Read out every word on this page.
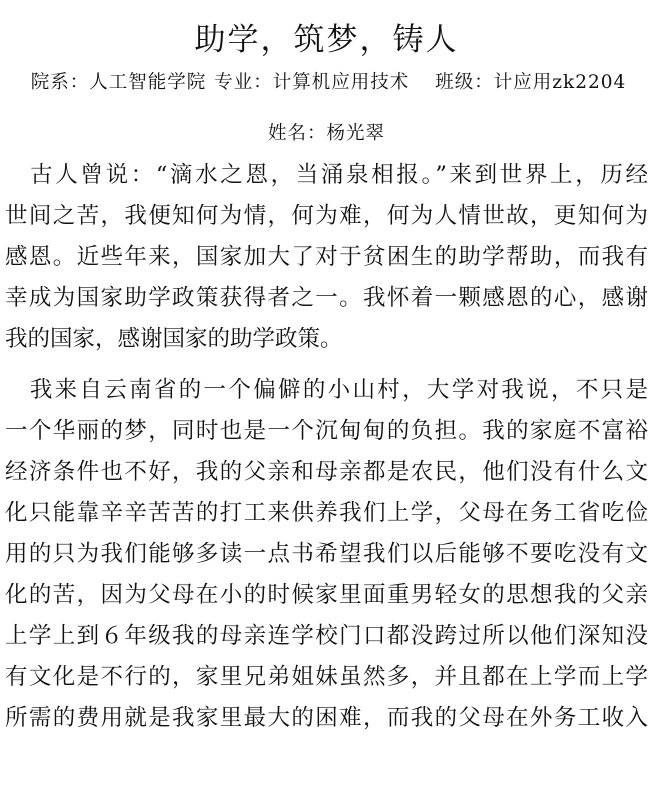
助学，筑梦，铸人
院系：人工智能学院 专业：计算机应用技术 班级：计应用zk2204
姓名：杨光翠
　古人曾说：“滴水之恩，当涌泉相报。”来到世界上，历经
世间之苦，我便知何为情，何为难，何为人情世故，更知何为
感恩。近些年来，国家加大了对于贫困生的助学帮助，而我有
幸成为国家助学政策获得者之一。我怀着一颗感恩的心，感谢
我的国家，感谢国家的助学政策。
　我来自云南省的一个偏僻的小山村，大学对我说，不只是
一个华丽的梦，同时也是一个沉甸甸的负担。我的家庭不富裕
经济条件也不好，我的父亲和母亲都是农民，他们没有什么文
化只能靠辛辛苦苦的打工来供养我们上学，父母在务工省吃俭
用的只为我们能够多读一点书希望我们以后能够不要吃没有文
化的苦，因为父母在小的时候家里面重男轻女的思想我的父亲
上学上到６年级我的母亲连学校门口都没跨过所以他们深知没
有文化是不行的，家里兄弟姐妹虽然多，并且都在上学而上学
所需的费用就是我家里最大的困难，而我的父母在外务工收入
